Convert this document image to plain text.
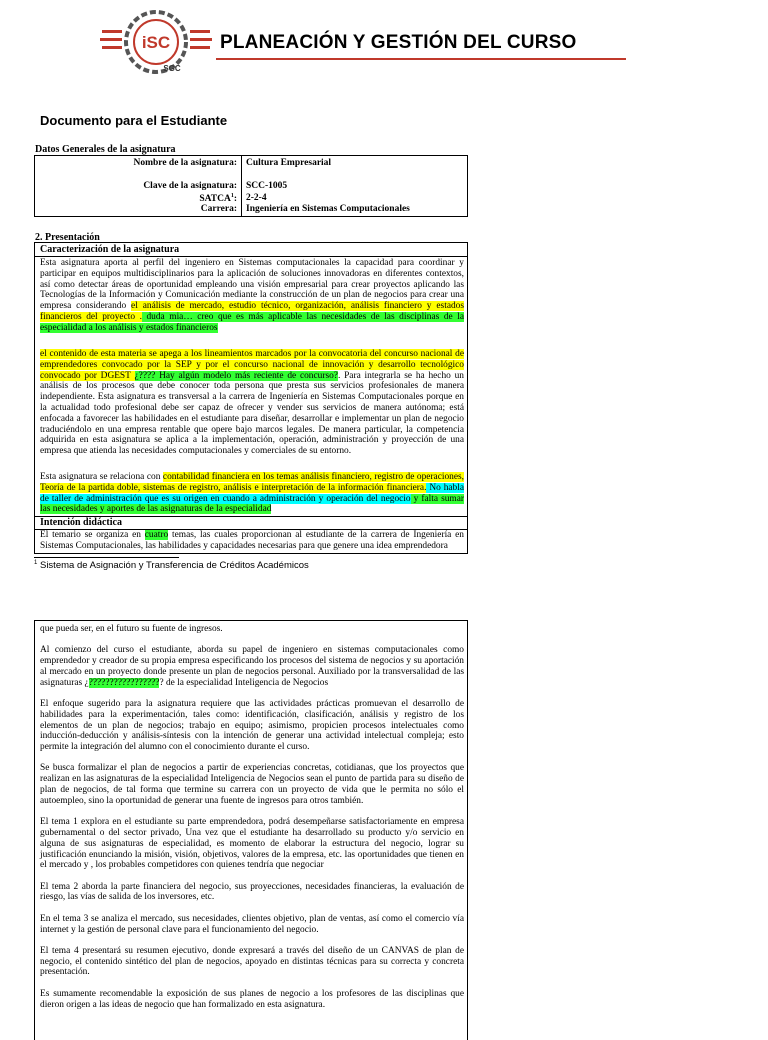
iSC
SGC
PLANEACIÓN Y GESTIÓN DEL CURSO
Documento para el Estudiante
Datos Generales de la asignatura
Nombre de la asignatura: Cultura Empresarial
Clave de la asignatura: SCC-1005
SATCA$^1$: 2-2-4
Carrera: Ingeniería en Sistemas Computacionales
2. Presentación
Caracterización de la asignatura

Esta asignatura aporta al perfil del ingeniero en Sistemas computacionales la capacidad para coordinar y participar en equipos multidisciplinarios para la aplicación de soluciones innovadoras en diferentes contextos, así como detectar áreas de oportunidad empleando una visión empresarial para crear proyectos aplicando las Tecnologías de la Información y Comunicación mediante la construcción de un plan de negocios para crear una empresa considerando el análisis de mercado, estudio técnico, organización, análisis financiero y estados financieros del proyecto . duda mia… creo que es más aplicable las necesidades de las disciplinas de la especialidad a los análisis y estados financieros

el contenido de esta materia se apega a los lineamientos marcados por la convocatoria del concurso nacional de emprendedores convocado por la SEP y por el concurso nacional de innovación y desarrollo tecnológico convocado por DGEST ¿???? Hay algún modelo más reciente de concurso?. Para integrarla se ha hecho un análisis de los procesos que debe conocer toda persona que presta sus servicios profesionales de manera independiente. Esta asignatura es transversal a la carrera de Ingeniería en Sistemas Computacionales porque en la actualidad todo profesional debe ser capaz de ofrecer y vender sus servicios de manera autónoma; está enfocada a favorecer las habilidades en el estudiante para diseñar, desarrollar e implementar un plan de negocio traduciéndolo en una empresa rentable que opere bajo marcos legales. De manera particular, la competencia adquirida en esta asignatura se aplica a la implementación, operación, administración y proyección de una empresa que atienda las necesidades computacionales y comerciales de su entorno.

Esta asignatura se relaciona con contabilidad financiera en los temas análisis financiero, registro de operaciones, Teoría de la partida doble, sistemas de registro, análisis e interpretación de la información financiera. No habla de taller de administración que es su origen en cuando a administración y operación del negocio y falta sumar las necesidades y aportes de las asignaturas de la especialidad

Intención didáctica

El temario se organiza en cuatro temas, las cuales proporcionan al estudiante de la carrera de Ingeniería en Sistemas Computacionales, las habilidades y capacidades necesarias para que genere una idea emprendedora

$^1$ Sistema de Asignación y Transferencia de Créditos Académicos

que pueda ser, en el futuro su fuente de ingresos.

Al comienzo del curso el estudiante, aborda su papel de ingeniero en sistemas computacionales como emprendedor y creador de su propia empresa especificando los procesos del sistema de negocios y su aportación al mercado en un proyecto donde presente un plan de negocios personal. Auxiliado por la transversalidad de las asignaturas ¿?????????????????? de la especialidad Inteligencia de Negocios

El enfoque sugerido para la asignatura requiere que las actividades prácticas promuevan el desarrollo de habilidades para la experimentación, tales como: identificación, clasificación, análisis y registro de los elementos de un plan de negocios; trabajo en equipo; asimismo, propicien procesos intelectuales como inducción-deducción y análisis-síntesis con la intención de generar una actividad intelectual compleja; esto permite la integración del alumno con el conocimiento durante el curso.

Se busca formalizar el plan de negocios a partir de experiencias concretas, cotidianas, que los proyectos que realizan en las asignaturas de la especialidad Inteligencia de Negocios sean el punto de partida para su diseño de plan de negocios, de tal forma que termine su carrera con un proyecto de vida que le permita no sólo el autoempleo, sino la oportunidad de generar una fuente de ingresos para otros también.

El tema 1 explora en el estudiante su parte emprendedora, podrá desempeñarse satisfactoriamente en empresa gubernamental o del sector privado, Una vez que el estudiante ha desarrollado su producto y/o servicio en alguna de sus asignaturas de especialidad, es momento de elaborar la estructura del negocio, lograr su justificación enunciando la misión, visión, objetivos, valores de la empresa, etc. las oportunidades que tienen en el mercado y , los probables competidores con quienes tendría que negociar

El tema 2 aborda la parte financiera del negocio, sus proyecciones, necesidades financieras, la evaluación de riesgo, las vías de salida de los inversores, etc.

En el tema 3 se analiza el mercado, sus necesidades, clientes objetivo, plan de ventas, así como el comercio vía internet y la gestión de personal clave para el funcionamiento del negocio.

El tema 4 presentará su resumen ejecutivo, donde expresará a través del diseño de un CANVAS de plan de negocio, el contenido sintético del plan de negocios, apoyado en distintas técnicas para su correcta y concreta presentación.

Es sumamente recomendable la exposición de sus planes de negocio a los profesores de las disciplinas que dieron origen a las ideas de negocio que han formalizado en esta asignatura.
